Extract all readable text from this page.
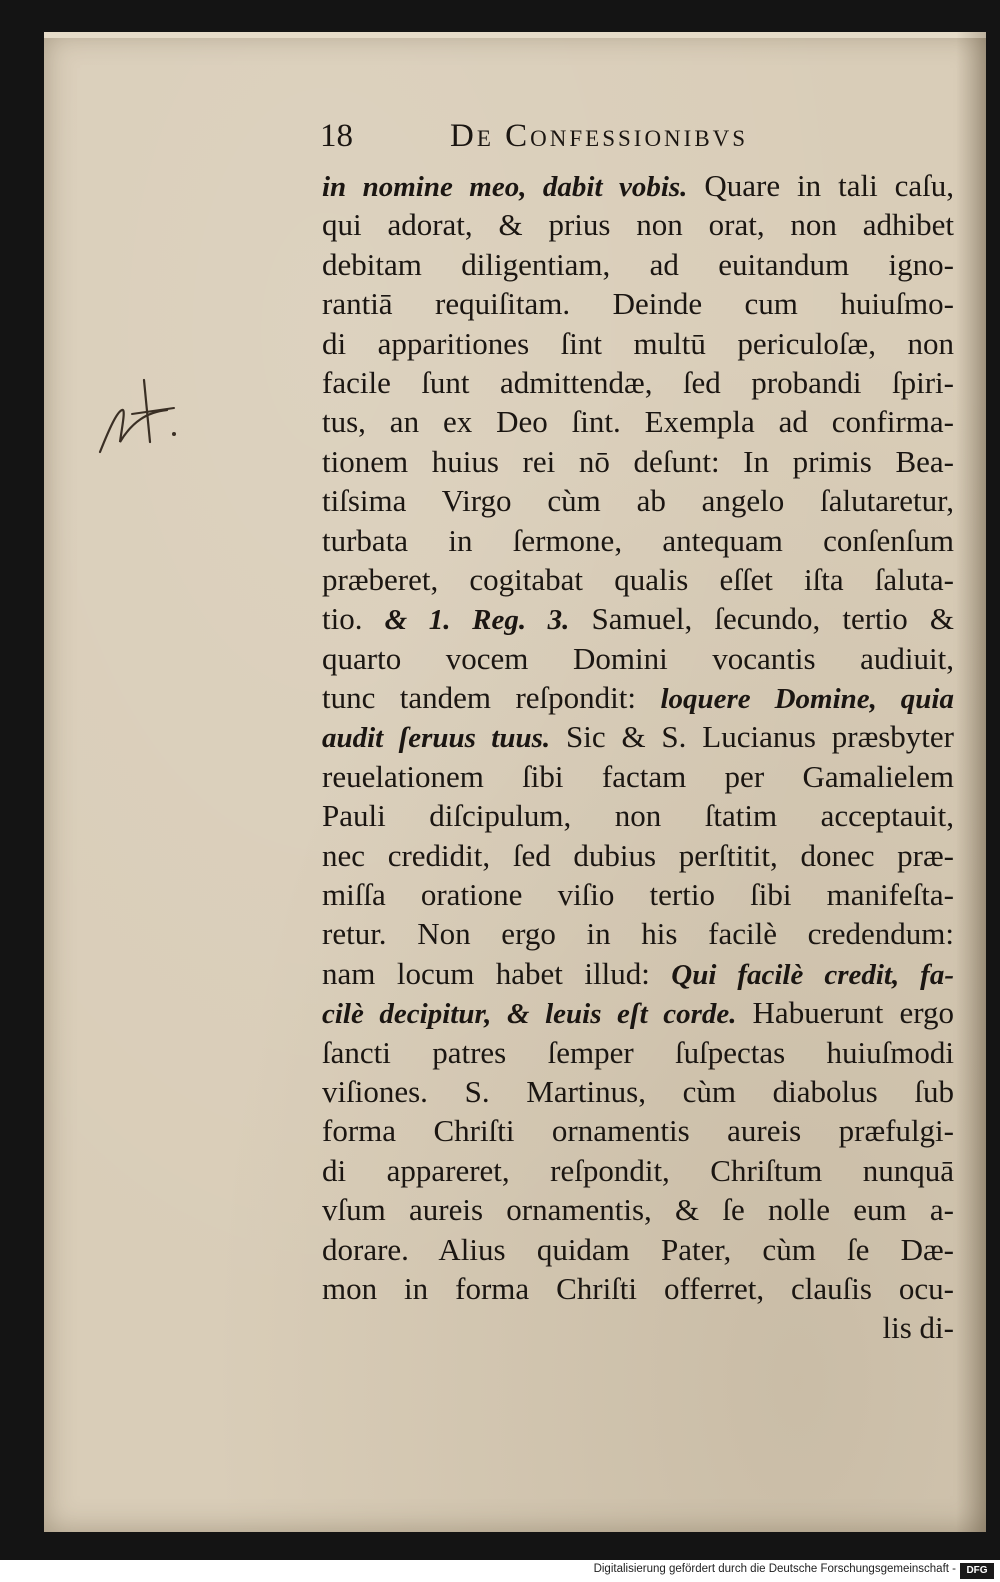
18	De Confessionibvs
in nomine meo, dabit vobis. Quare in tali caſu,
qui adorat, & prius non orat, non adhibet
debitam diligentiam, ad euitandum igno-
rantiā requiſitam. Deinde cum huiuſmo-
di apparitiones ſint multū periculoſæ, non
facile ſunt admittendæ, ſed probandi ſpiri-
tus, an ex Deo ſint. Exempla ad confirma-
tionem huius rei nō deſunt: In primis Bea-
tiſsima Virgo cùm ab angelo ſalutaretur,
turbata in ſermone, antequam conſenſum
præberet, cogitabat qualis eſſet iſta ſaluta-
tio. & 1. Reg. 3. Samuel, ſecundo, tertio &
quarto vocem Domini vocantis audiuit,
tunc tandem reſpondit: loquere Domine, quia
audit ſeruus tuus. Sic & S. Lucianus præsbyter
reuelationem ſibi factam per Gamalielem
Pauli diſcipulum, non ſtatim acceptauit,
nec credidit, ſed dubius perſtitit, donec præ-
miſſa oratione viſio tertio ſibi manifeſta-
retur. Non ergo in his facilè credendum:
nam locum habet illud: Qui facilè credit, fa-
cilè decipitur, & leuis eſt corde. Habuerunt ergo
ſancti patres ſemper ſuſpectas huiuſmodi
viſiones. S. Martinus, cùm diabolus ſub
forma Chriſti ornamentis aureis præfulgi-
di appareret, reſpondit, Chriſtum nunquā
vſum aureis ornamentis, & ſe nolle eum a-
dorare. Alius quidam Pater, cùm ſe Dæ-
mon in forma Chriſti offerret, clauſis ocu-
lis di-
Digitalisierung gefördert durch die Deutsche Forschungsgemeinschaft -	DFG
